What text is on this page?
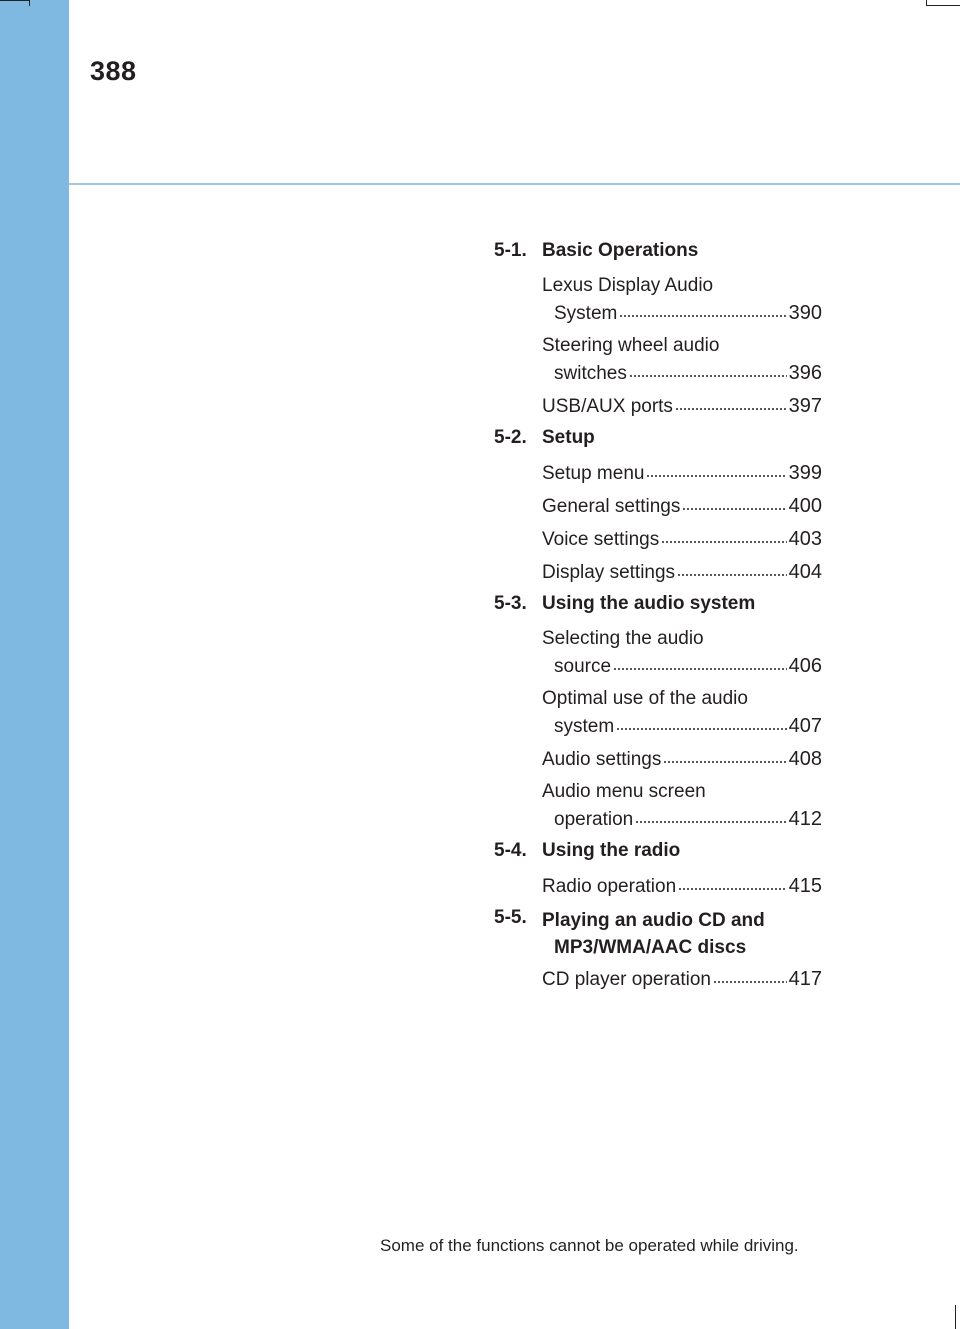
388
5-1. Basic Operations
Lexus Display Audio
System	390
Steering wheel audio
switches	396
USB/AUX ports	397
5-2. Setup
Setup menu	399
General settings	400
Voice settings	403
Display settings	404
5-3. Using the audio system
Selecting the audio
source	406
Optimal use of the audio
system	407
Audio settings	408
Audio menu screen
operation	412
5-4. Using the radio
Radio operation	415
5-5. Playing an audio CD and
MP3/WMA/AAC discs
CD player operation	417
Some of the functions cannot be operated while driving.
